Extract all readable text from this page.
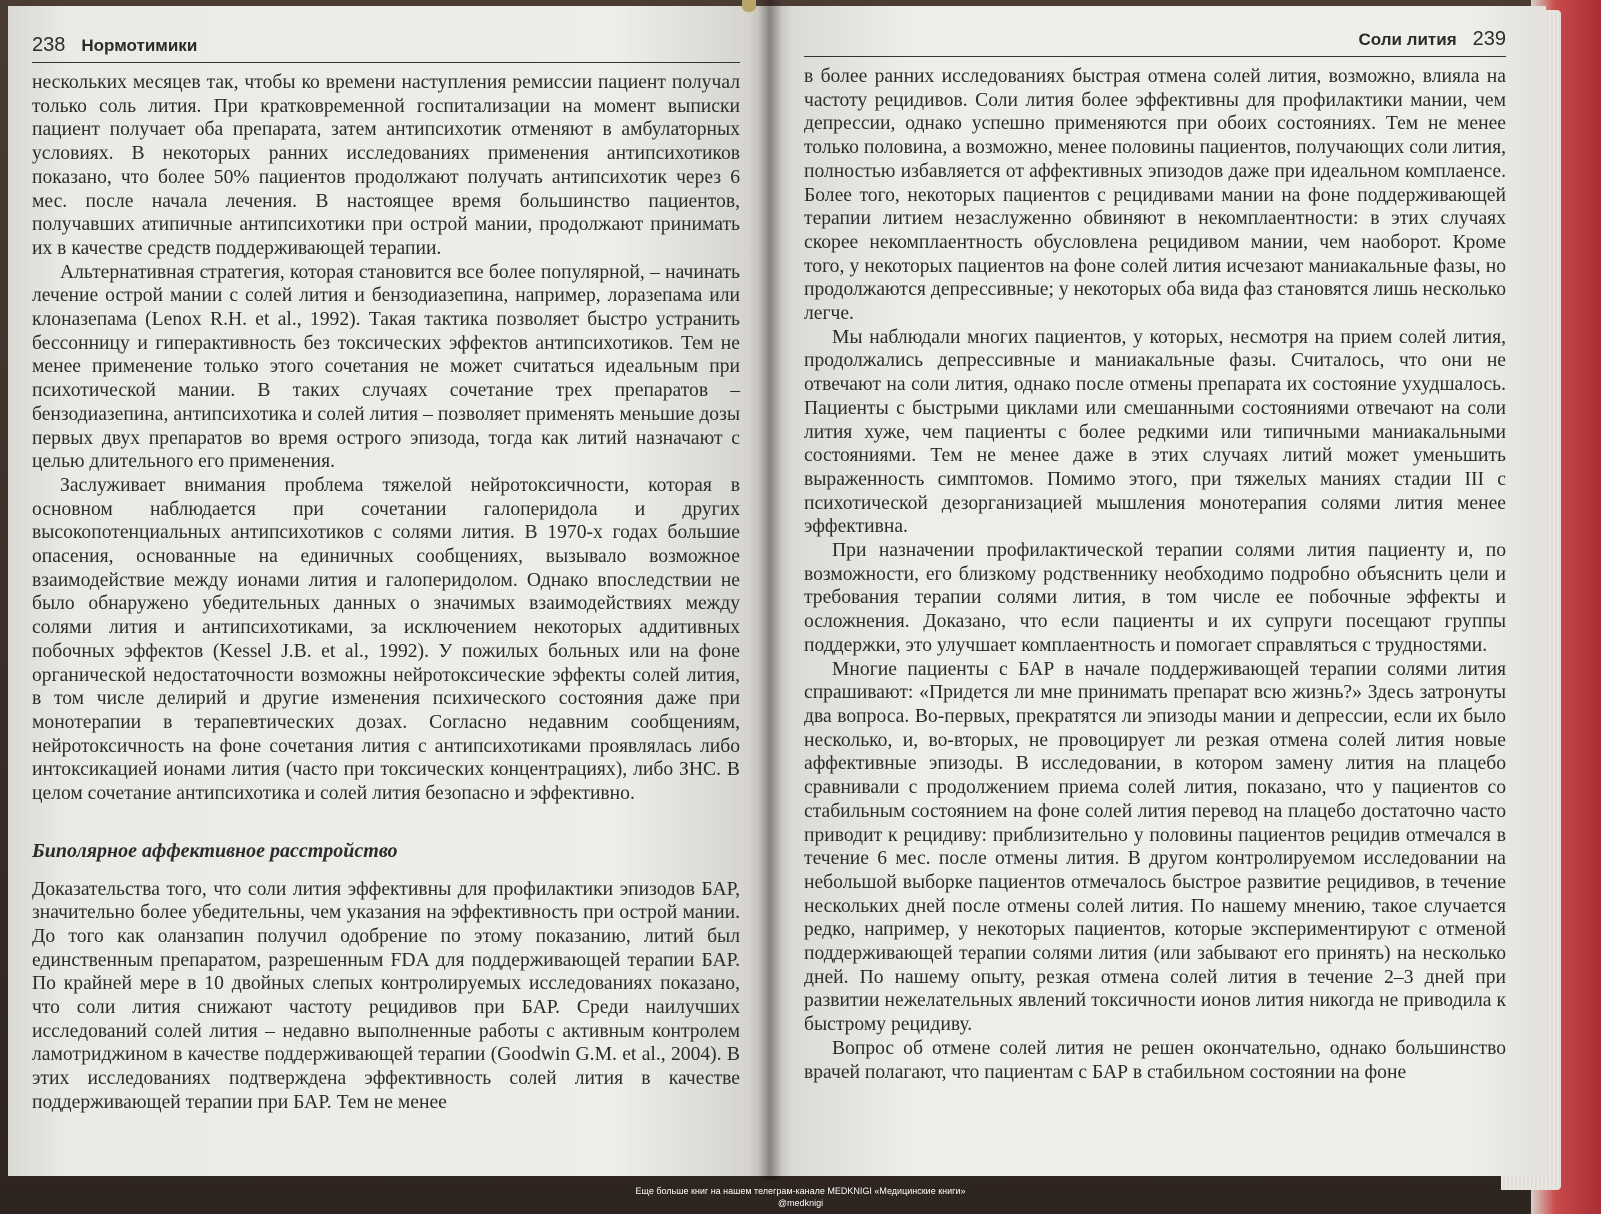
238 Нормотимики

нескольких месяцев так, чтобы ко времени наступления ремиссии пациент получал только соль лития. При кратковременной госпитализации на момент выписки пациент получает оба препарата, затем антипсихотик отменяют в амбулаторных условиях. В некоторых ранних исследованиях применения антипсихотиков показано, что более 50% пациентов продолжают получать антипсихотик через 6 мес. после начала лечения. В настоящее время большинство пациентов, получавших атипичные антипсихотики при острой мании, продолжают принимать их в качестве средств поддерживающей терапии.

Альтернативная стратегия, которая становится все более популярной, – начинать лечение острой мании с солей лития и бензодиазепина, например, лоразепама или клоназепама (Lenox R.H. et al., 1992). Такая тактика позволяет быстро устранить бессонницу и гиперактивность без токсических эффектов антипсихотиков. Тем не менее применение только этого сочетания не может считаться идеальным при психотической мании. В таких случаях сочетание трех препаратов – бензодиазепина, антипсихотика и солей лития – позволяет применять меньшие дозы первых двух препаратов во время острого эпизода, тогда как литий назначают с целью длительного его применения.

Заслуживает внимания проблема тяжелой нейротоксичности, которая в основном наблюдается при сочетании галоперидола и других высокопотенциальных антипсихотиков с солями лития. В 1970-х годах большие опасения, основанные на единичных сообщениях, вызывало возможное взаимодействие между ионами лития и галоперидолом. Однако впоследствии не было обнаружено убедительных данных о значимых взаимодействиях между солями лития и антипсихотиками, за исключением некоторых аддитивных побочных эффектов (Kessel J.B. et al., 1992). У пожилых больных или на фоне органической недостаточности возможны нейротоксические эффекты солей лития, в том числе делирий и другие изменения психического состояния даже при монотерапии в терапевтических дозах. Согласно недавним сообщениям, нейротоксичность на фоне сочетания лития с антипсихотиками проявлялась либо интоксикацией ионами лития (часто при токсических концентрациях), либо ЗНС. В целом сочетание антипсихотика и солей лития безопасно и эффективно.

Биполярное аффективное расстройство

Доказательства того, что соли лития эффективны для профилактики эпизодов БАР, значительно более убедительны, чем указания на эффективность при острой мании. До того как оланзапин получил одобрение по этому показанию, литий был единственным препаратом, разрешенным FDA для поддерживающей терапии БАР. По крайней мере в 10 двойных слепых контролируемых исследованиях показано, что соли лития снижают частоту рецидивов при БАР. Среди наилучших исследований солей лития – недавно выполненные работы с активным контролем ламотриджином в качестве поддерживающей терапии (Goodwin G.M. et al., 2004). В этих исследованиях подтверждена эффективность солей лития в качестве поддерживающей терапии при БАР. Тем не менее

Соли лития 239

в более ранних исследованиях быстрая отмена солей лития, возможно, влияла на частоту рецидивов. Соли лития более эффективны для профилактики мании, чем депрессии, однако успешно применяются при обоих состояниях. Тем не менее только половина, а возможно, менее половины пациентов, получающих соли лития, полностью избавляется от аффективных эпизодов даже при идеальном комплаенсе. Более того, некоторых пациентов с рецидивами мании на фоне поддерживающей терапии литием незаслуженно обвиняют в некомплаентности: в этих случаях скорее некомплаентность обусловлена рецидивом мании, чем наоборот. Кроме того, у некоторых пациентов на фоне солей лития исчезают маниакальные фазы, но продолжаются депрессивные; у некоторых оба вида фаз становятся лишь несколько легче.

Мы наблюдали многих пациентов, у которых, несмотря на прием солей лития, продолжались депрессивные и маниакальные фазы. Считалось, что они не отвечают на соли лития, однако после отмены препарата их состояние ухудшалось. Пациенты с быстрыми циклами или смешанными состояниями отвечают на соли лития хуже, чем пациенты с более редкими или типичными маниакальными состояниями. Тем не менее даже в этих случаях литий может уменьшить выраженность симптомов. Помимо этого, при тяжелых маниях стадии III с психотической дезорганизацией мышления монотерапия солями лития менее эффективна.

При назначении профилактической терапии солями лития пациенту и, по возможности, его близкому родственнику необходимо подробно объяснить цели и требования терапии солями лития, в том числе ее побочные эффекты и осложнения. Доказано, что если пациенты и их супруги посещают группы поддержки, это улучшает комплаентность и помогает справляться с трудностями.

Многие пациенты с БАР в начале поддерживающей терапии солями лития спрашивают: «Придется ли мне принимать препарат всю жизнь?» Здесь затронуты два вопроса. Во-первых, прекратятся ли эпизоды мании и депрессии, если их было несколько, и, во-вторых, не провоцирует ли резкая отмена солей лития новые аффективные эпизоды. В исследовании, в котором замену лития на плацебо сравнивали с продолжением приема солей лития, показано, что у пациентов со стабильным состоянием на фоне солей лития перевод на плацебо достаточно часто приводит к рецидиву: приблизительно у половины пациентов рецидив отмечался в течение 6 мес. после отмены лития. В другом контролируемом исследовании на небольшой выборке пациентов отмечалось быстрое развитие рецидивов, в течение нескольких дней после отмены солей лития. По нашему мнению, такое случается редко, например, у некоторых пациентов, которые экспериментируют с отменой поддерживающей терапии солями лития (или забывают его принять) на несколько дней. По нашему опыту, резкая отмена солей лития в течение 2–3 дней при развитии нежелательных явлений токсичности ионов лития никогда не приводила к быстрому рецидиву.

Вопрос об отмене солей лития не решен окончательно, однако большинство врачей полагают, что пациентам с БАР в стабильном состоянии на фоне

Еще больше книг на нашем телеграм-канале MEDKNIGI «Медицинские книги»
@medknigi
